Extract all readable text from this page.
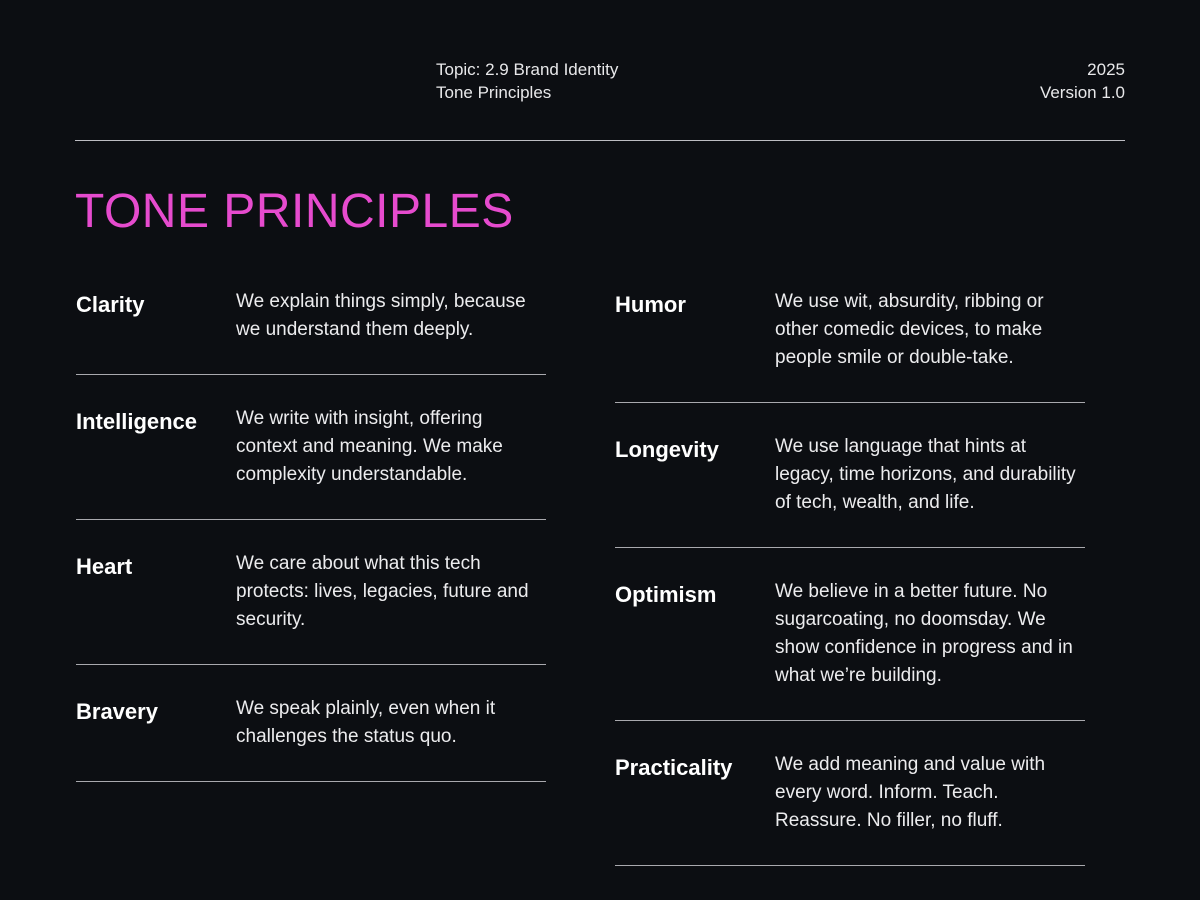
Topic: 2.9 Brand Identity
Tone Principles
2025
Version 1.0
TONE PRINCIPLES
Clarity	We explain things simply, because we understand them deeply.
Intelligence	We write with insight, offering context and meaning. We make complexity understandable.
Heart	We care about what this tech protects: lives, legacies, future and security.
Bravery	We speak plainly, even when it challenges the status quo.
Humor	We use wit, absurdity, ribbing or other comedic devices, to make people smile or double-take.
Longevity	We use language that hints at legacy, time horizons, and durability of tech, wealth, and life.
Optimism	We believe in a better future. No sugarcoating, no doomsday. We show confidence in progress and in what we’re building.
Practicality	We add meaning and value with every word. Inform. Teach. Reassure. No filler, no fluff.
